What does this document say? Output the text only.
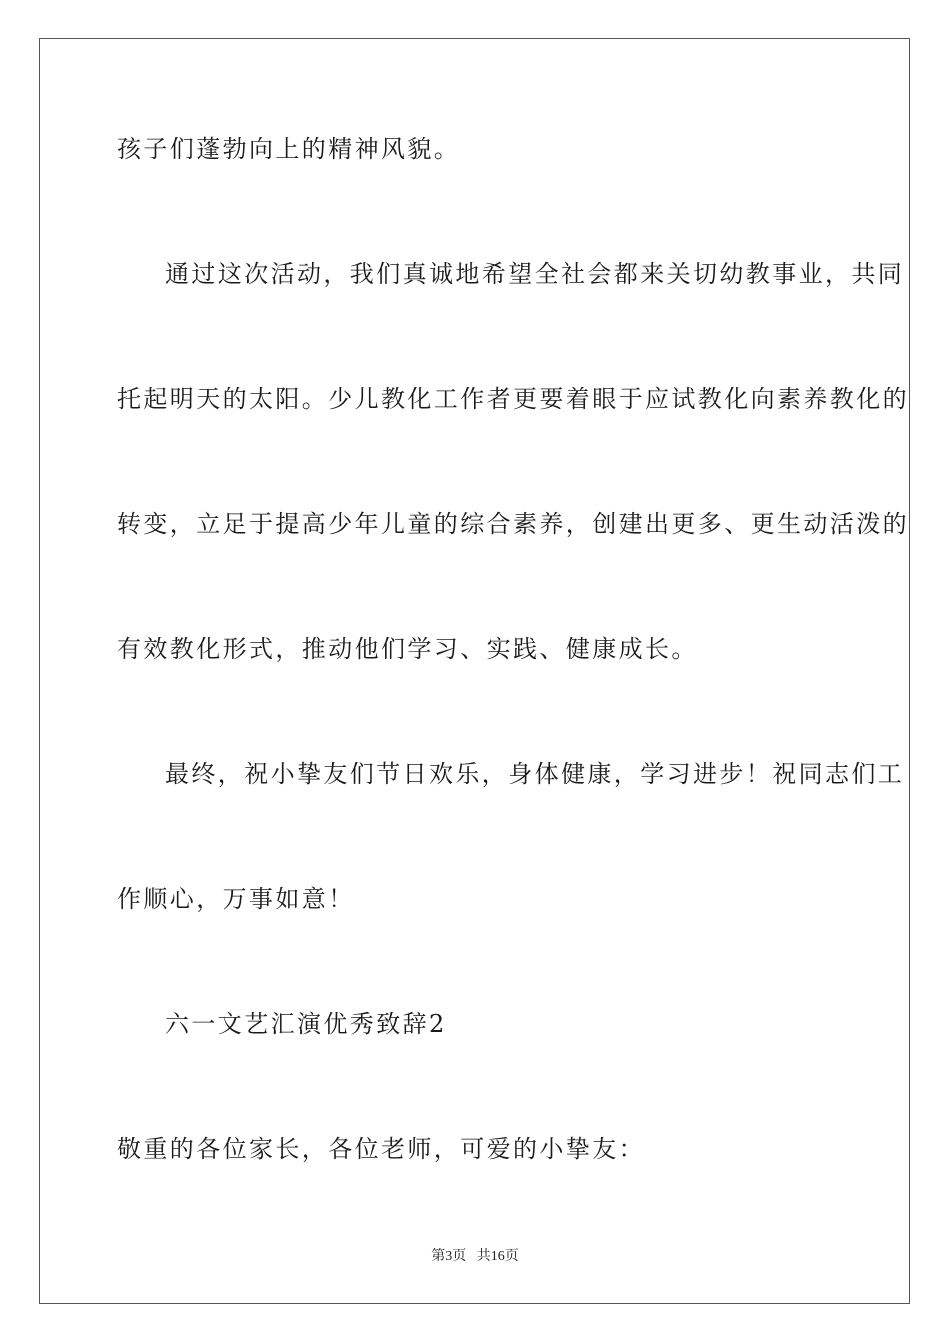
孩子们蓬勃向上的精神风貌。
通过这次活动，我们真诚地希望全社会都来关切幼教事业，共同
托起明天的太阳。少儿教化工作者更要着眼于应试教化向素养教化的
转变，立足于提高少年儿童的综合素养，创建出更多、更生动活泼的
有效教化形式，推动他们学习、实践、健康成长。
最终，祝小挚友们节日欢乐，身体健康，学习进步！祝同志们工
作顺心，万事如意！
六一文艺汇演优秀致辞2
敬重的各位家长，各位老师，可爱的小挚友：
第3页 共16页
